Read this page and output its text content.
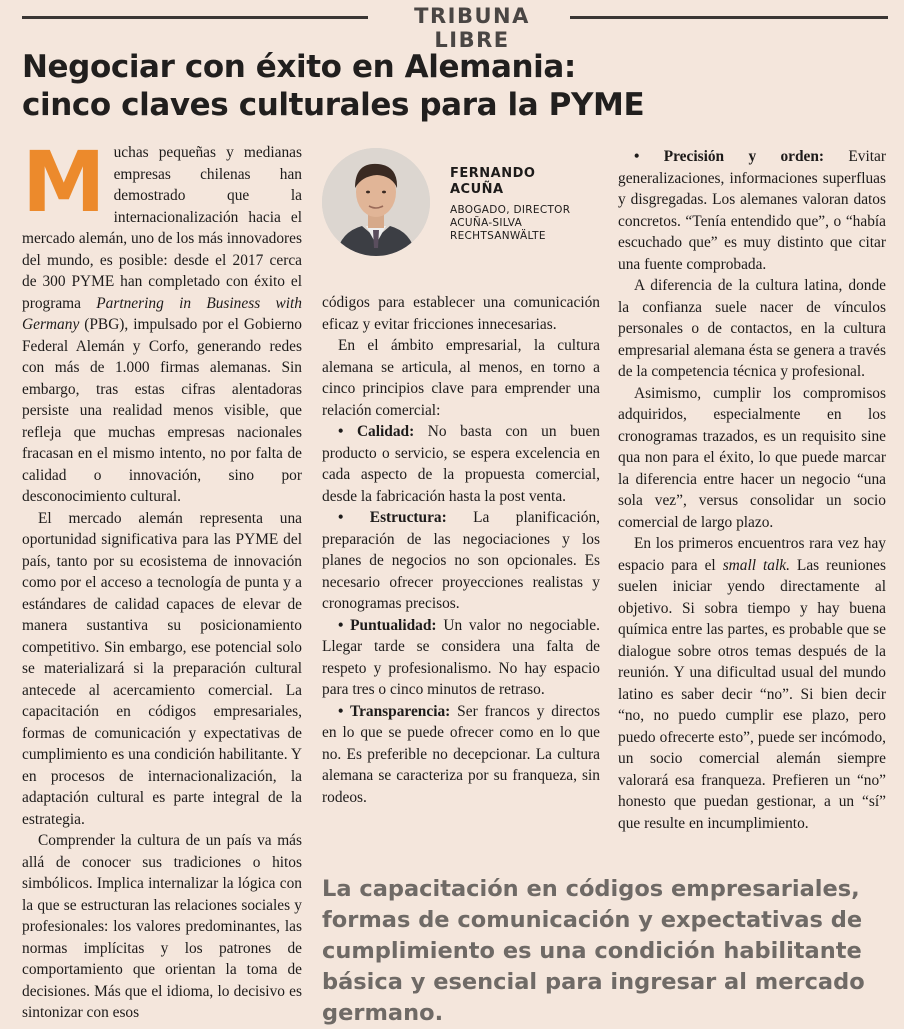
TRIBUNA LIBRE
Negociar con éxito en Alemania:
cinco claves culturales para la PYME

Muchas pequeñas y medianas empresas chilenas han demostrado que la internacionalización hacia el mercado alemán, uno de los más innovadores del mundo, es posible: desde el 2017 cerca de 300 PYME han completado con éxito el programa Partnering in Business with Germany (PBG), impulsado por el Gobierno Federal Alemán y Corfo, generando redes con más de 1.000 firmas alemanas. Sin embargo, tras estas cifras alentadoras persiste una realidad menos visible, que refleja que muchas empresas nacionales fracasan en el mismo intento, no por falta de calidad o innovación, sino por desconocimiento cultural.

El mercado alemán representa una oportunidad significativa para las PYME del país, tanto por su ecosistema de innovación como por el acceso a tecnología de punta y a estándares de calidad capaces de elevar de manera sustantiva su posicionamiento competitivo. Sin embargo, ese potencial solo se materializará si la preparación cultural antecede al acercamiento comercial. La capacitación en códigos empresariales, formas de comunicación y expectativas de cumplimiento es una condición habilitante. Y en procesos de internacionalización, la adaptación cultural es parte integral de la estrategia.

Comprender la cultura de un país va más allá de conocer sus tradiciones o hitos simbólicos. Implica internalizar la lógica con la que se estructuran las relaciones sociales y profesionales: los valores predominantes, las normas implícitas y los patrones de comportamiento que orientan la toma de decisiones. Más que el idioma, lo decisivo es sintonizar con esos

FERNANDO
ACUÑA
ABOGADO, DIRECTOR
ACUÑA-SILVA
RECHTSANWÄLTE

códigos para establecer una comunicación eficaz y evitar fricciones innecesarias.

En el ámbito empresarial, la cultura alemana se articula, al menos, en torno a cinco principios clave para emprender una relación comercial:

• Calidad: No basta con un buen producto o servicio, se espera excelencia en cada aspecto de la propuesta comercial, desde la fabricación hasta la post venta.

• Estructura: La planificación, preparación de las negociaciones y los planes de negocios no son opcionales. Es necesario ofrecer proyecciones realistas y cronogramas precisos.

• Puntualidad: Un valor no negociable. Llegar tarde se considera una falta de respeto y profesionalismo. No hay espacio para tres o cinco minutos de retraso.

• Transparencia: Ser francos y directos en lo que se puede ofrecer como en lo que no. Es preferible no decepcionar. La cultura alemana se caracteriza por su franqueza, sin rodeos.

• Precisión y orden: Evitar generalizaciones, informaciones superfluas y disgregadas. Los alemanes valoran datos concretos. “Tenía entendido que”, o “había escuchado que” es muy distinto que citar una fuente comprobada.

A diferencia de la cultura latina, donde la confianza suele nacer de vínculos personales o de contactos, en la cultura empresarial alemana ésta se genera a través de la competencia técnica y profesional.

Asimismo, cumplir los compromisos adquiridos, especialmente en los cronogramas trazados, es un requisito sine qua non para el éxito, lo que puede marcar la diferencia entre hacer un negocio “una sola vez”, versus consolidar un socio comercial de largo plazo.

En los primeros encuentros rara vez hay espacio para el small talk. Las reuniones suelen iniciar yendo directamente al objetivo. Si sobra tiempo y hay buena química entre las partes, es probable que se dialogue sobre otros temas después de la reunión. Y una dificultad usual del mundo latino es saber decir “no”. Si bien decir “no, no puedo cumplir ese plazo, pero puedo ofrecerte esto”, puede ser incómodo, un socio comercial alemán siempre valorará esa franqueza. Prefieren un “no” honesto que puedan gestionar, a un “sí” que resulte en incumplimiento.

La capacitación en códigos empresariales, formas de comunicación y expectativas de cumplimiento es una condición habilitante básica y esencial para ingresar al mercado germano.
